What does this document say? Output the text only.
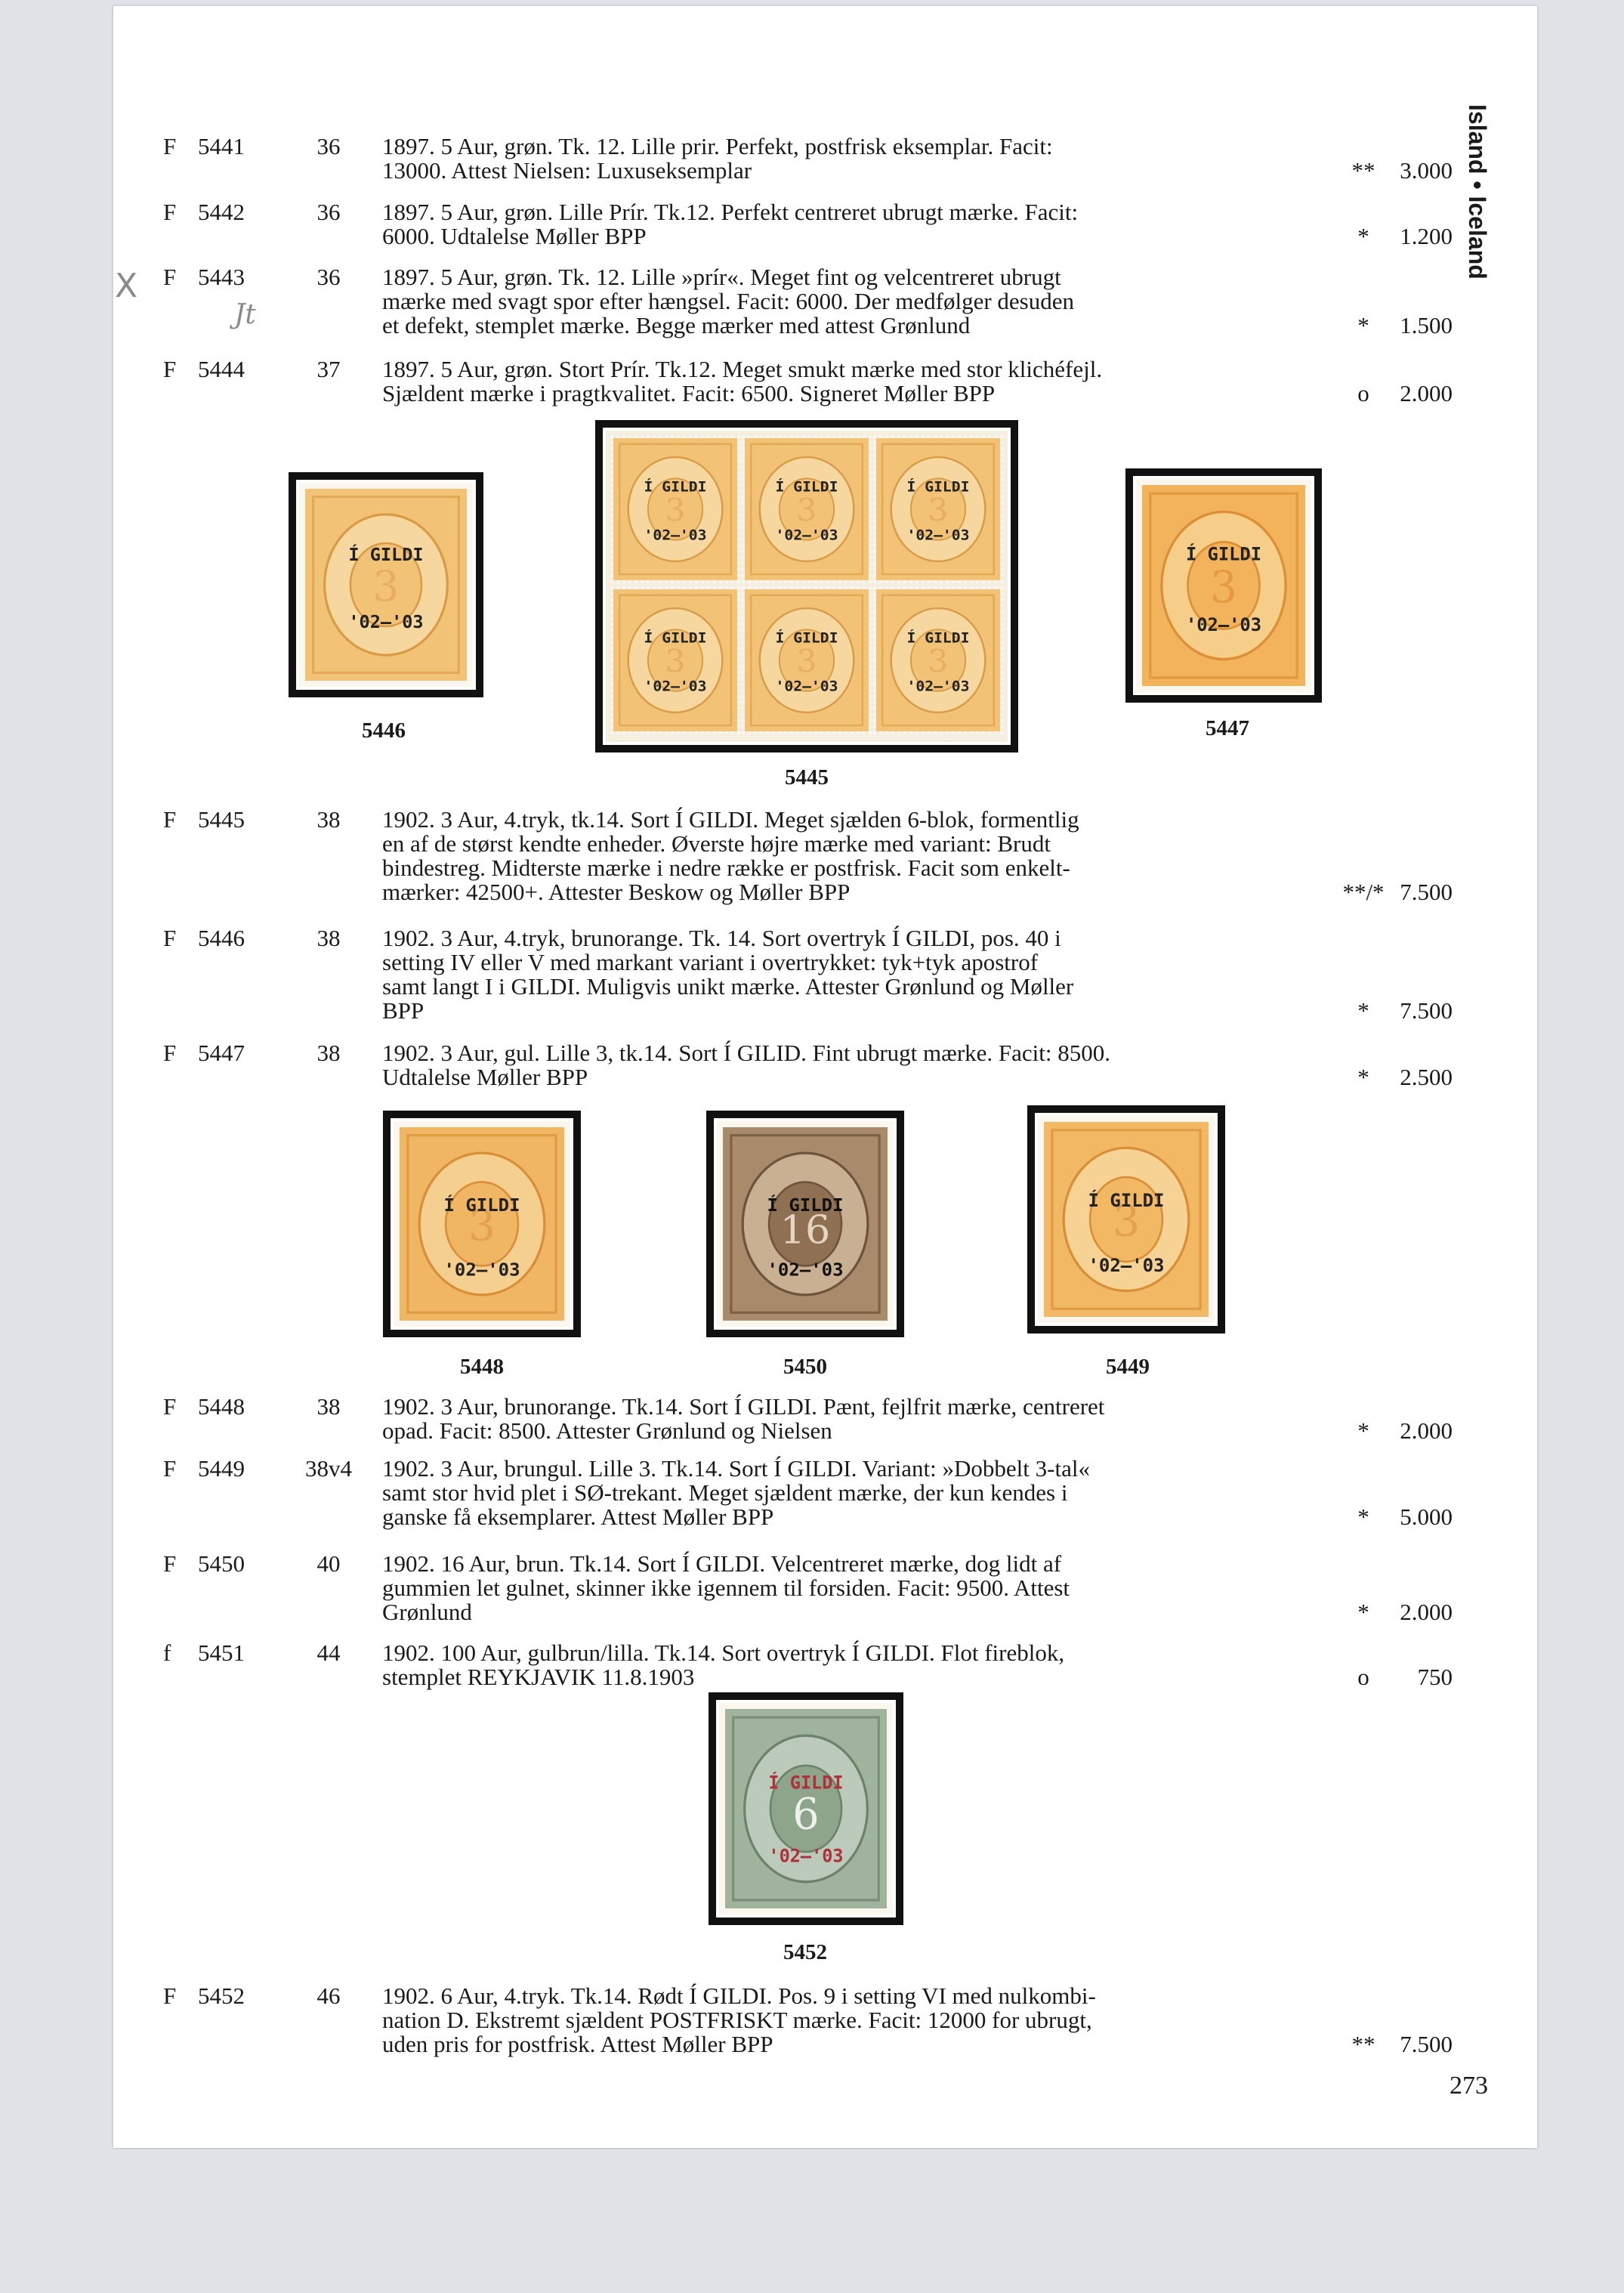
Island • Iceland
X
Jt
F 5441	36	1897. 5 Aur, grøn. Tk. 12. Lille prir. Perfekt, postfrisk eksemplar. Facit:
13000. Attest Nielsen: Luxuseksemplar	**	3.000
F 5442	36	1897. 5 Aur, grøn. Lille Prír. Tk.12. Perfekt centreret ubrugt mærke. Facit:
6000. Udtalelse Møller BPP	*	1.200
F 5443	36	1897. 5 Aur, grøn. Tk. 12. Lille »prír«. Meget fint og velcentreret ubrugt
mærke med svagt spor efter hængsel. Facit: 6000. Der medfølger desuden
et defekt, stemplet mærke. Begge mærker med attest Grønlund	*	1.500
F 5444	37	1897. 5 Aur, grøn. Stort Prír. Tk.12. Meget smukt mærke med stor klichéfejl.
Sjældent mærke i pragtkvalitet. Facit: 6500. Signeret Møller BPP	o	2.000
F 5445	38	1902. 3 Aur, 4.tryk, tk.14. Sort Í GILDI. Meget sjælden 6-blok, formentlig
en af de størst kendte enheder. Øverste højre mærke med variant: Brudt
bindestreg. Midterste mærke i nedre række er postfrisk. Facit som enkelt-
mærker: 42500+. Attester Beskow og Møller BPP	**/* 7.500
F 5446	38	1902. 3 Aur, 4.tryk, brunorange. Tk. 14. Sort overtryk Í GILDI, pos. 40 i
setting IV eller V med markant variant i overtrykket: tyk+tyk apostrof
samt langt I i GILDI. Muligvis unikt mærke. Attester Grønlund og Møller
BPP	*	7.500
F 5447	38	1902. 3 Aur, gul. Lille 3, tk.14. Sort Í GILID. Fint ubrugt mærke. Facit: 8500.
Udtalelse Møller BPP	*	2.500
F 5448	38	1902. 3 Aur, brunorange. Tk.14. Sort Í GILDI. Pænt, fejlfrit mærke, centreret
opad. Facit: 8500. Attester Grønlund og Nielsen	*	2.000
F 5449	38v4 1902. 3 Aur, brungul. Lille 3. Tk.14. Sort Í GILDI. Variant: »Dobbelt 3-tal«
samt stor hvid plet i SØ-trekant. Meget sjældent mærke, der kun kendes i
ganske få eksemplarer. Attest Møller BPP	*	5.000
F 5450	40	1902. 16 Aur, brun. Tk.14. Sort Í GILDI. Velcentreret mærke, dog lidt af
gummien let gulnet, skinner ikke igennem til forsiden. Facit: 9500. Attest
Grønlund	*	2.000
f 5451	44	1902. 100 Aur, gulbrun/lilla. Tk.14. Sort overtryk Í GILDI. Flot fireblok,
stemplet REYKJAVIK 11.8.1903	o	750
F 5452	46	1902. 6 Aur, 4.tryk. Tk.14. Rødt Í GILDI. Pos. 9 i setting VI med nulkombi-
nation D. Ekstremt sjældent POSTFRISKT mærke. Facit: 12000 for ubrugt,
uden pris for postfrisk. Attest Møller BPP	**	7.500
3
Í GILDI
'02—'03
5446
3
Í GILDI
'02—'03
3
Í GILDI
'02—'03
3
Í GILDI
'02—'03
3
Í GILDI
'02—'03
3
Í GILDI
'02—'03
3
Í GILDI
'02—'03
5445
3
Í GILDI
'02—'03
5447
3
Í GILDI
'02—'03
5448
16
Í GILDI
'02—'03
5450
3
Í GILDI
'02—'03
5449
6
Í GILDI
'02—'03
5452
273
